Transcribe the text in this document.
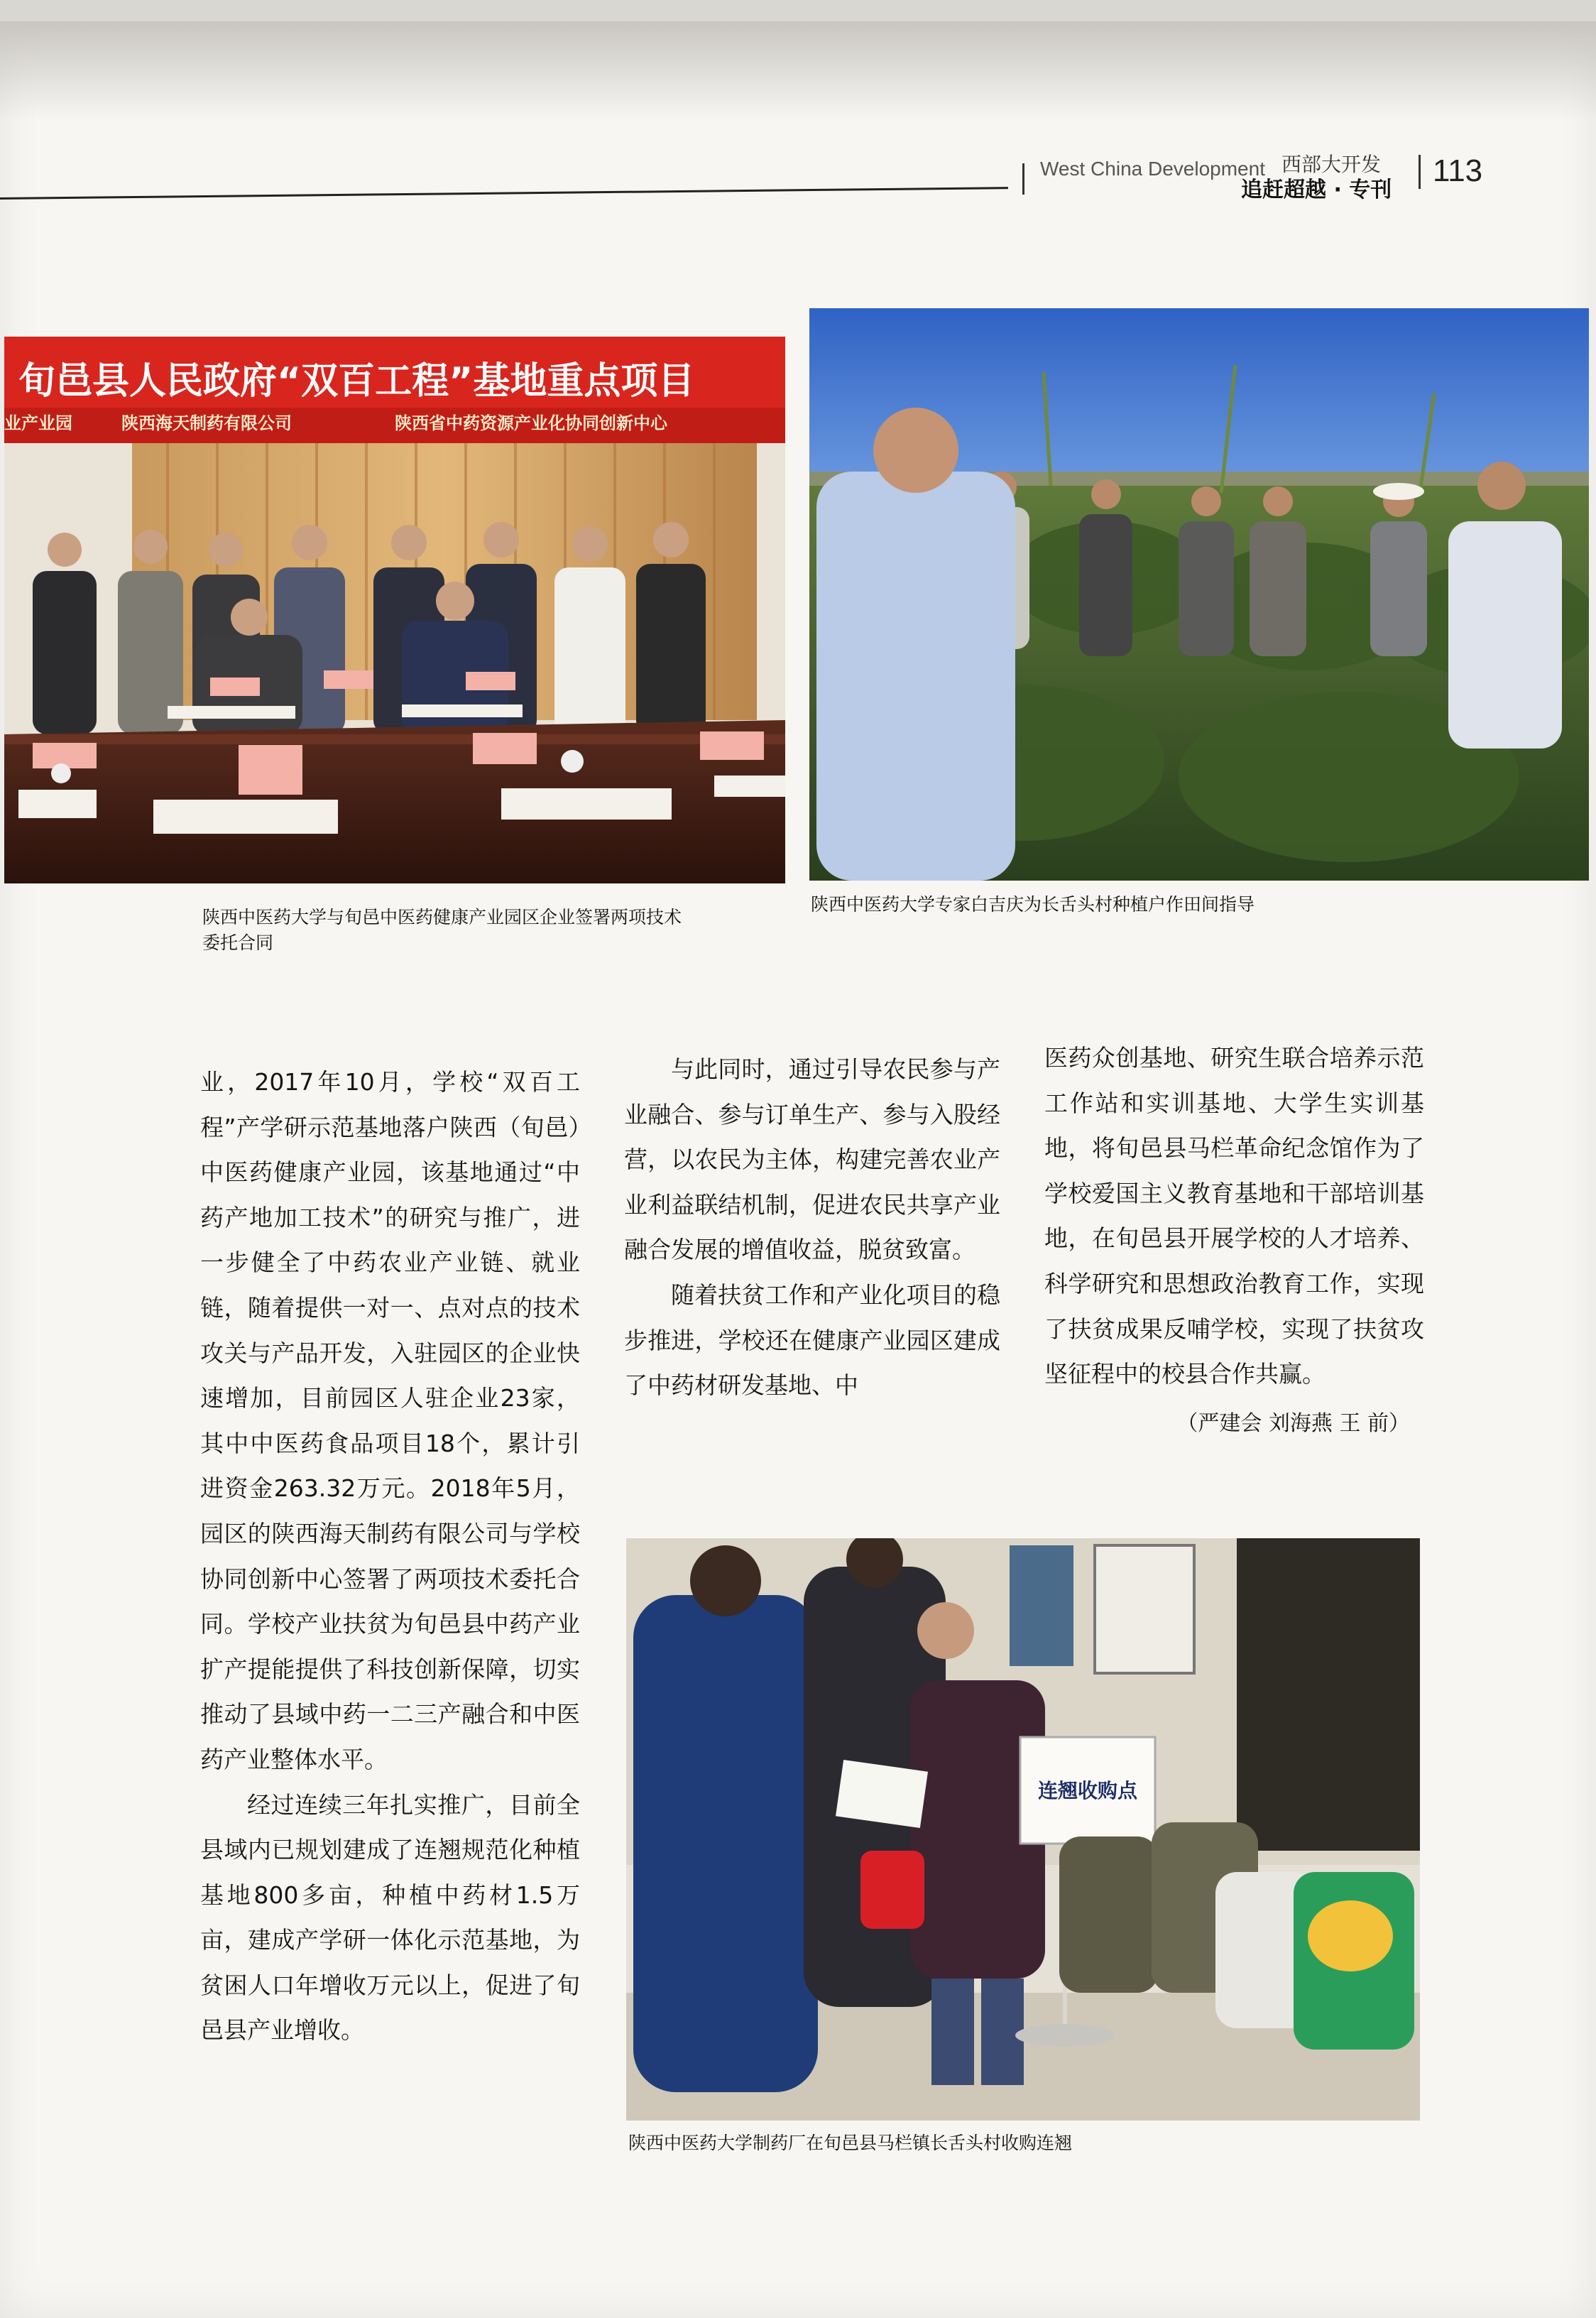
West China Development 西部大开发
追赶超越 · 专刊
113
旬邑县人民政府“双百工程”基地重点项目
业产业园	陕西海天制药有限公司	陕西省中药资源产业化协同创新中心
陕西中医药大学与旬邑中医药健康产业园区企业签署两项技术委托合同
陕西中医药大学专家白吉庆为长舌头村种植户作田间指导

业，2017年10月，学校“双百工程”产学研示范基地落户陕西（旬邑）中医药健康产业园，该基地通过“中药产地加工技术”的研究与推广，进一步健全了中药农业产业链、就业链，随着提供一对一、点对点的技术攻关与产品开发，入驻园区的企业快速增加，目前园区人驻企业23家，其中中医药食品项目18个，累计引进资金263.32万元。2018年5月，园区的陕西海天制药有限公司与学校协同创新中心签署了两项技术委托合同。学校产业扶贫为旬邑县中药产业扩产提能提供了科技创新保障，切实推动了县域中药一二三产融合和中医药产业整体水平。

经过连续三年扎实推广，目前全县域内已规划建成了连翘规范化种植基地800多亩，种植中药材1.5万亩，建成产学研一体化示范基地，为贫困人口年增收万元以上，促进了旬邑县产业增收。

与此同时，通过引导农民参与产业融合、参与订单生产、参与入股经营，以农民为主体，构建完善农业产业利益联结机制，促进农民共享产业融合发展的增值收益，脱贫致富。

随着扶贫工作和产业化项目的稳步推进，学校还在健康产业园区建成了中药材研发基地、中

医药众创基地、研究生联合培养示范工作站和实训基地、大学生实训基地，将旬邑县马栏革命纪念馆作为了学校爱国主义教育基地和干部培训基地，在旬邑县开展学校的人才培养、科学研究和思想政治教育工作，实现了扶贫成果反哺学校，实现了扶贫攻坚征程中的校县合作共赢。

（严建会 刘海燕 王 前）
连翘收购点
陕西中医药大学制药厂在旬邑县马栏镇长舌头村收购连翘
